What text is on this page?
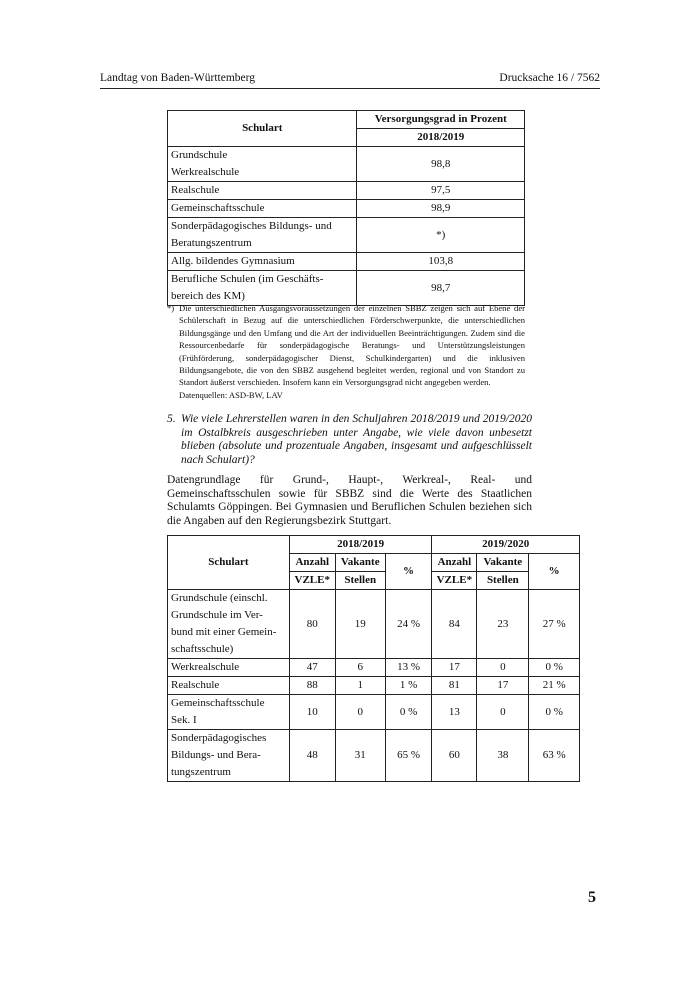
Landtag von Baden-Württemberg	Drucksache 16 / 7562
Schulart	Versorgungsgrad in Prozent
	2018/2019
Grundschule
Werkrealschule	98,8
Realschule	97,5
Gemeinschaftsschule	98,9
Sonderpädagogisches Bildungs- und
Beratungszentrum	*)
Allg. bildendes Gymnasium	103,8
Berufliche Schulen (im Geschäfts-
bereich des KM)	98,7
*) Die unterschiedlichen Ausgangsvoraussetzungen der einzelnen SBBZ zeigen sich auf Ebene der Schülerschaft in Bezug auf die unterschiedlichen Förderschwerpunkte, die unterschiedlichen Bildungsgänge und den Umfang und die Art der individuellen Beeinträchtigungen. Zudem sind die Ressourcenbedarfe für sonderpädagogische Beratungs- und Unterstützungsleistungen (Frühförderung, sonderpädagogischer Dienst, Schulkindergarten) und die inklusiven Bildungsangebote, die von den SBBZ ausgehend begleitet werden, regional und von Standort zu Standort äußerst verschieden. Insofern kann ein Versorgungsgrad nicht angegeben werden.
Datenquellen: ASD-BW, LAV
5. Wie viele Lehrerstellen waren in den Schuljahren 2018/2019 und 2019/2020 im Ostalbkreis ausgeschrieben unter Angabe, wie viele davon unbesetzt blieben (absolute und prozentuale Angaben, insgesamt und aufgeschlüsselt nach Schulart)?
Datengrundlage für Grund-, Haupt-, Werkreal-, Real- und Gemeinschaftsschulen sowie für SBBZ sind die Werte des Staatlichen Schulamts Göppingen. Bei Gymnasien und Beruflichen Schulen beziehen sich die Angaben auf den Regierungsbezirk Stuttgart.
Schulart	2018/2019			2019/2020		
	Anzahl	Vakante	%	Anzahl	Vakante	%
	VZLE*	Stellen		VZLE*	Stellen	
Grundschule (einschl.
Grundschule im Ver-
bund mit einer Gemein-
schaftsschule)	80	19	24 %	84	23	27 %
Werkrealschule	47	6	13 %	17	0	0 %
Realschule	88	1	1 %	81	17	21 %
Gemeinschaftsschule
Sek. I	10	0	0 %	13	0	0 %
Sonderpädagogisches
Bildungs- und Bera-
tungszentrum	48	31	65 %	60	38	63 %
5
